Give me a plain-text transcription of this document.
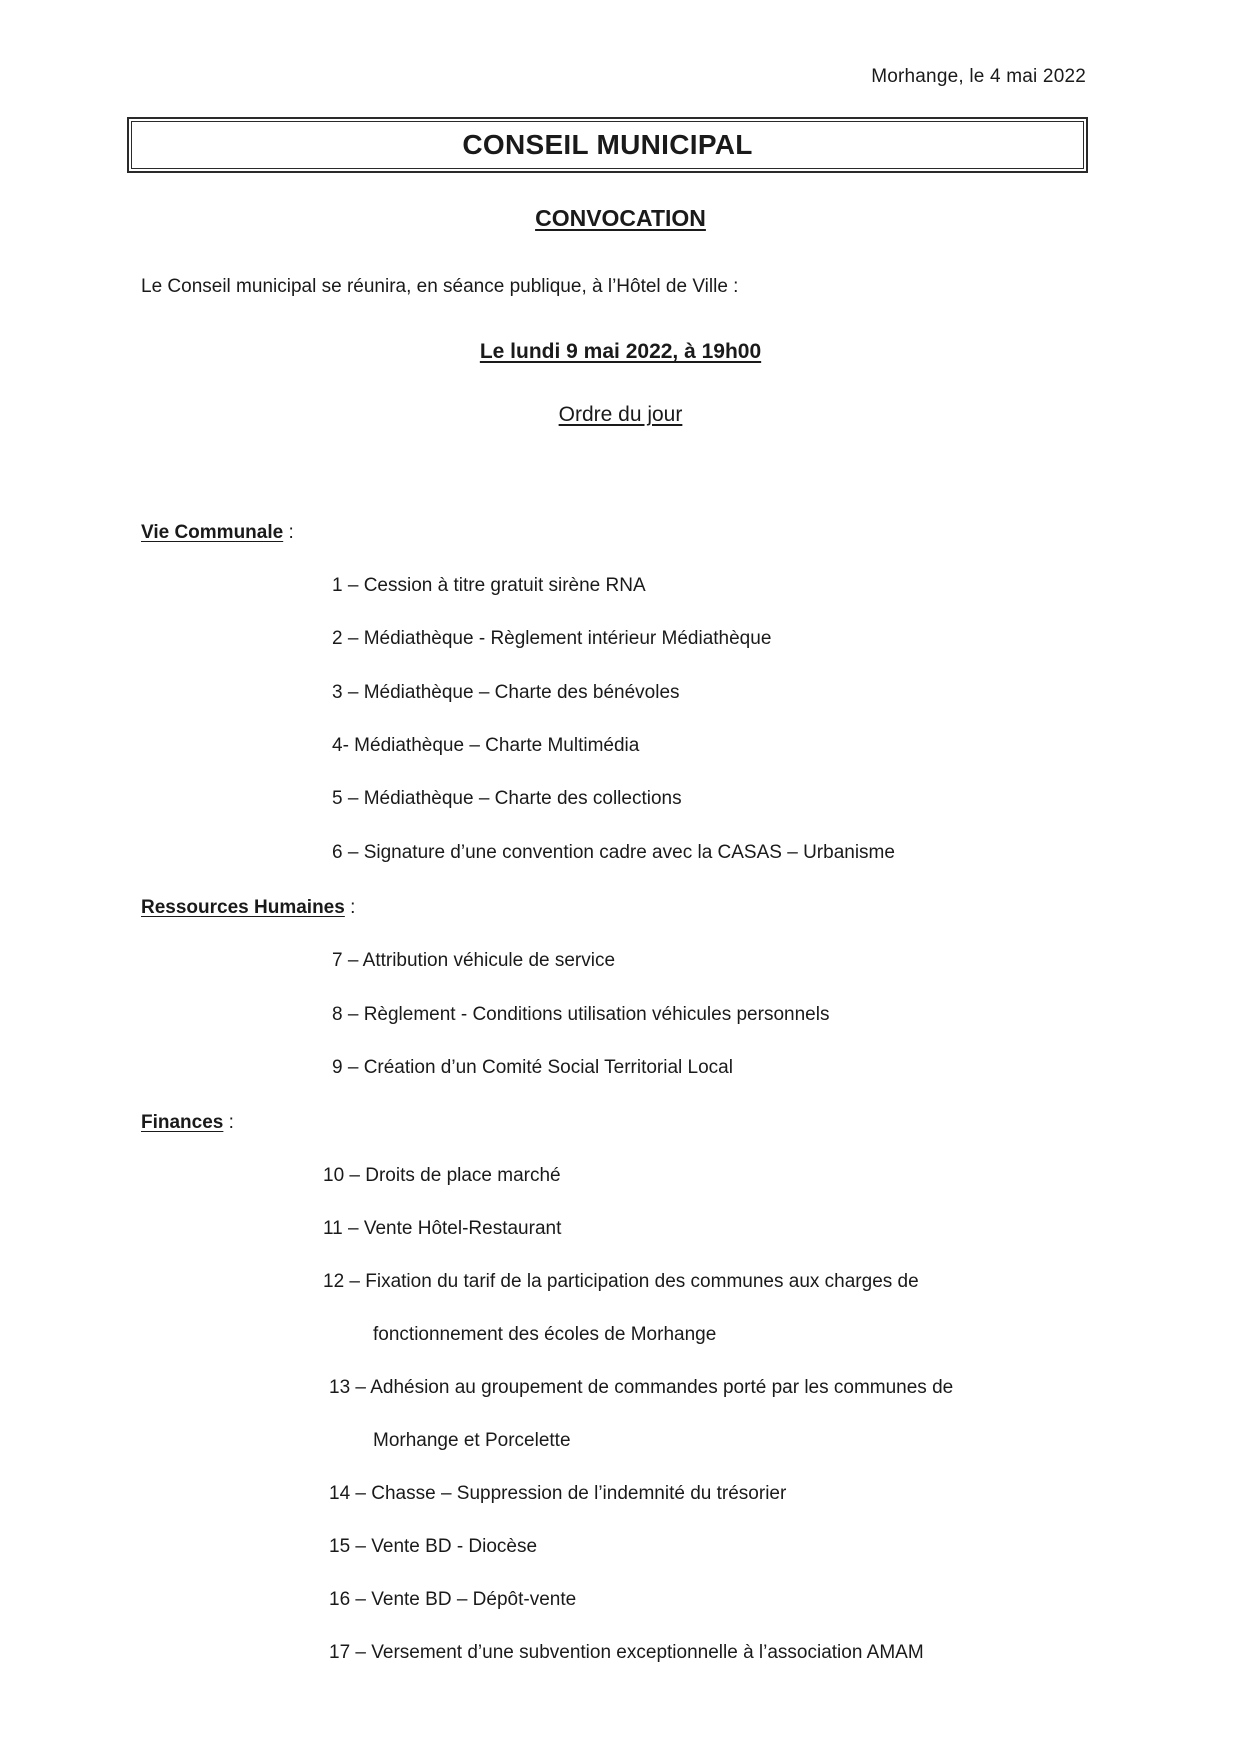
Morhange, le 4 mai 2022
CONSEIL MUNICIPAL
CONVOCATION
Le Conseil municipal se réunira, en séance publique, à l’Hôtel de Ville :
Le lundi 9 mai 2022, à 19h00
Ordre du jour
Vie Communale :
1 – Cession à titre gratuit sirène RNA
2 – Médiathèque - Règlement intérieur Médiathèque
3 – Médiathèque – Charte des bénévoles
4- Médiathèque – Charte Multimédia
5 – Médiathèque – Charte des collections
6 – Signature d’une convention cadre avec la CASAS – Urbanisme
Ressources Humaines :
7 – Attribution véhicule de service
8 – Règlement - Conditions utilisation véhicules personnels
9 – Création d’un Comité Social Territorial Local
Finances :
10 – Droits de place marché
11 – Vente Hôtel-Restaurant
12 – Fixation du tarif de la participation des communes aux charges de
fonctionnement des écoles de Morhange
13 – Adhésion au groupement de commandes porté par les communes de
Morhange et Porcelette
14 – Chasse – Suppression de l’indemnité du trésorier
15 – Vente BD - Diocèse
16 – Vente BD – Dépôt-vente
17 – Versement d’une subvention exceptionnelle à l’association AMAM
